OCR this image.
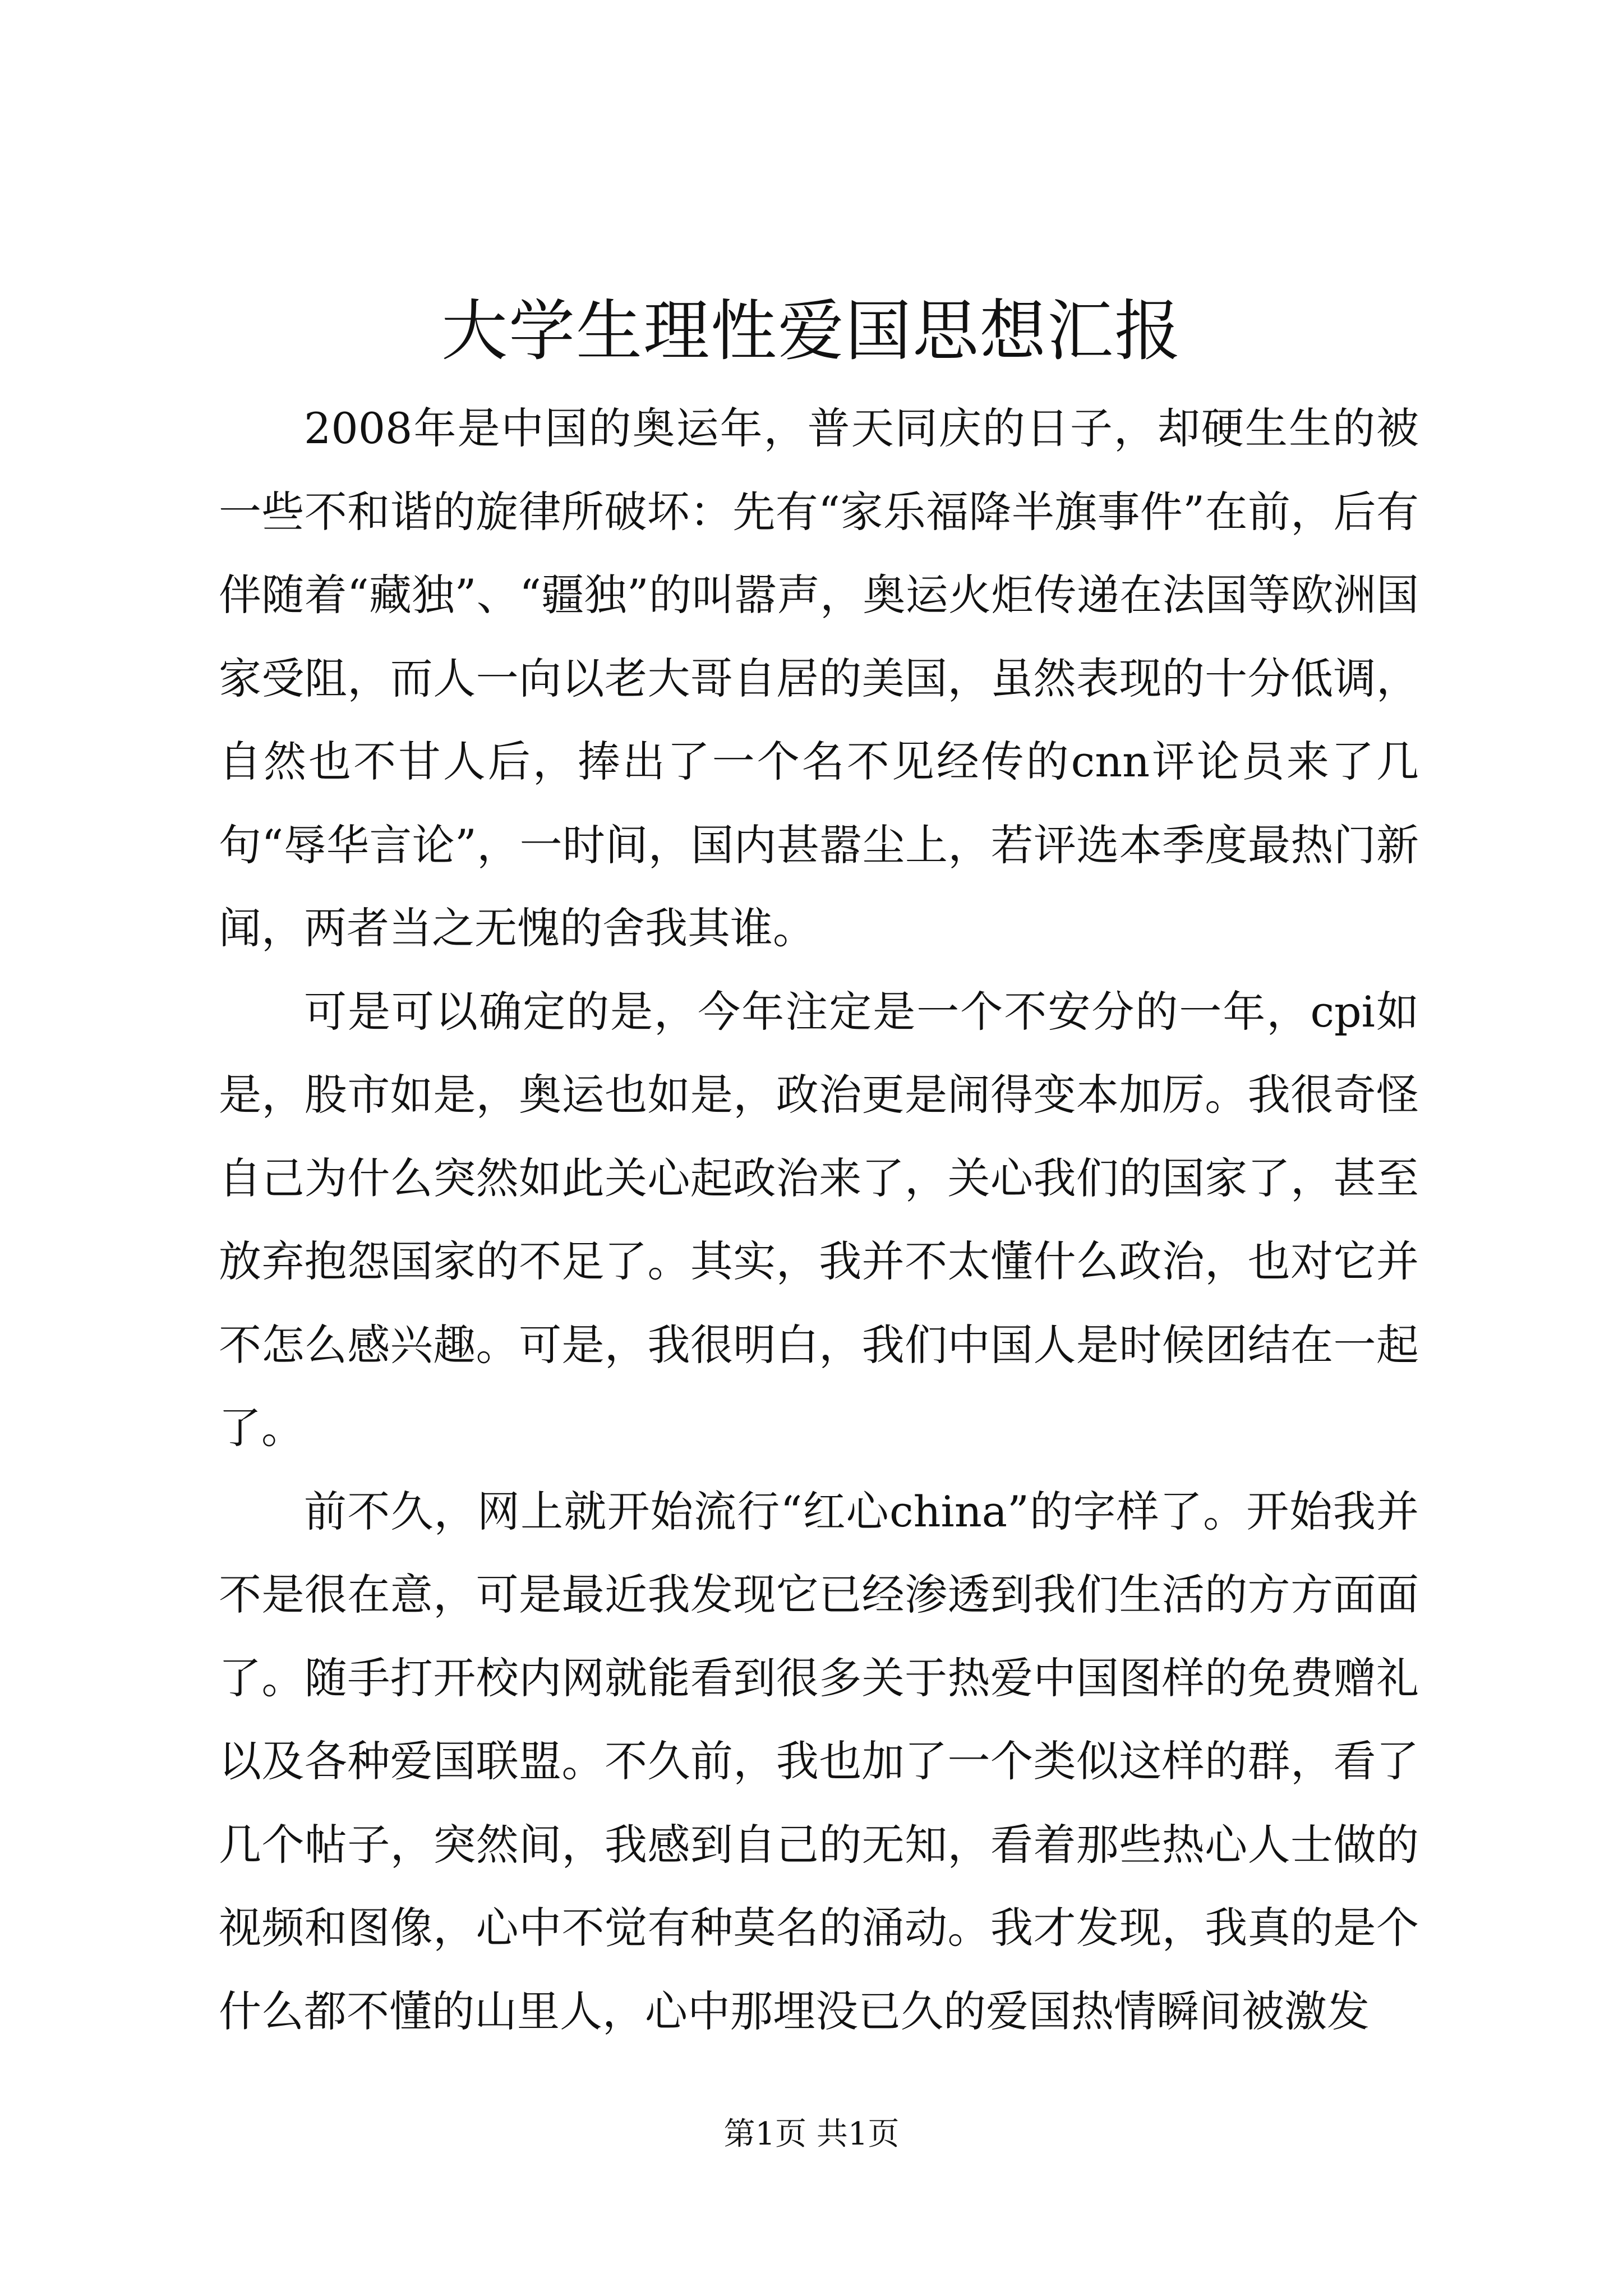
大学生理性爱国思想汇报

2008年是中国的奥运年，普天同庆的日子，却硬生生的被一些不和谐的旋律所破坏：先有“家乐福降半旗事件”在前，后有伴随着“藏独”、“疆独”的叫嚣声，奥运火炬传递在法国等欧洲国家受阻，而人一向以老大哥自居的美国，虽然表现的十分低调，自然也不甘人后，捧出了一个名不见经传的cnn评论员来了几句“辱华言论”，一时间，国内甚嚣尘上，若评选本季度最热门新闻，两者当之无愧的舍我其谁。

可是可以确定的是，今年注定是一个不安分的一年，cpi如是，股市如是，奥运也如是，政治更是闹得变本加厉。我很奇怪自己为什么突然如此关心起政治来了，关心我们的国家了，甚至放弃抱怨国家的不足了。其实，我并不太懂什么政治，也对它并不怎么感兴趣。可是，我很明白，我们中国人是时候团结在一起了。

前不久，网上就开始流行“红心china”的字样了。开始我并不是很在意，可是最近我发现它已经渗透到我们生活的方方面面了。随手打开校内网就能看到很多关于热爱中国图样的免费赠礼以及各种爱国联盟。不久前，我也加了一个类似这样的群，看了几个帖子，突然间，我感到自己的无知，看着那些热心人士做的视频和图像，心中不觉有种莫名的涌动。我才发现，我真的是个什么都不懂的山里人，心中那埋没已久的爱国热情瞬间被激发

第1页 共1页
